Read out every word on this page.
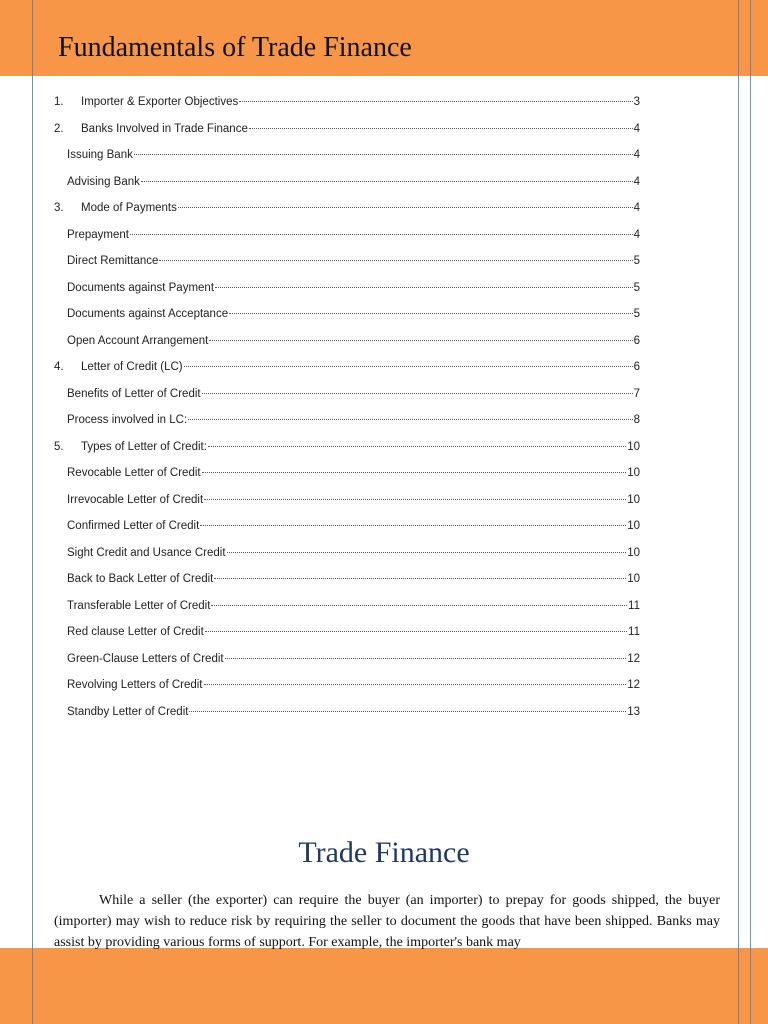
Fundamentals of Trade Finance
1.	Importer & Exporter Objectives	3
2.	Banks Involved in Trade Finance	4
Issuing Bank	4
Advising Bank	4
3.	Mode of Payments	4
Prepayment	4
Direct Remittance	5
Documents against Payment	5
Documents against Acceptance	5
Open Account Arrangement	6
4.	Letter of Credit (LC)	6
Benefits of Letter of Credit	7
Process involved in LC:	8
5.	Types of Letter of Credit:	10
Revocable Letter of Credit	10
Irrevocable Letter of Credit	10
Confirmed Letter of Credit	10
Sight Credit and Usance Credit	10
Back to Back Letter of Credit	10
Transferable Letter of Credit	11
Red clause Letter of Credit	11
Green-Clause Letters of Credit	12
Revolving Letters of Credit	12
Standby Letter of Credit	13
Trade Finance

While a seller (the exporter) can require the buyer (an importer) to prepay for goods shipped, the buyer (importer) may wish to reduce risk by requiring the seller to document the goods that have been shipped. Banks may assist by providing various forms of support. For example, the importer's bank may
